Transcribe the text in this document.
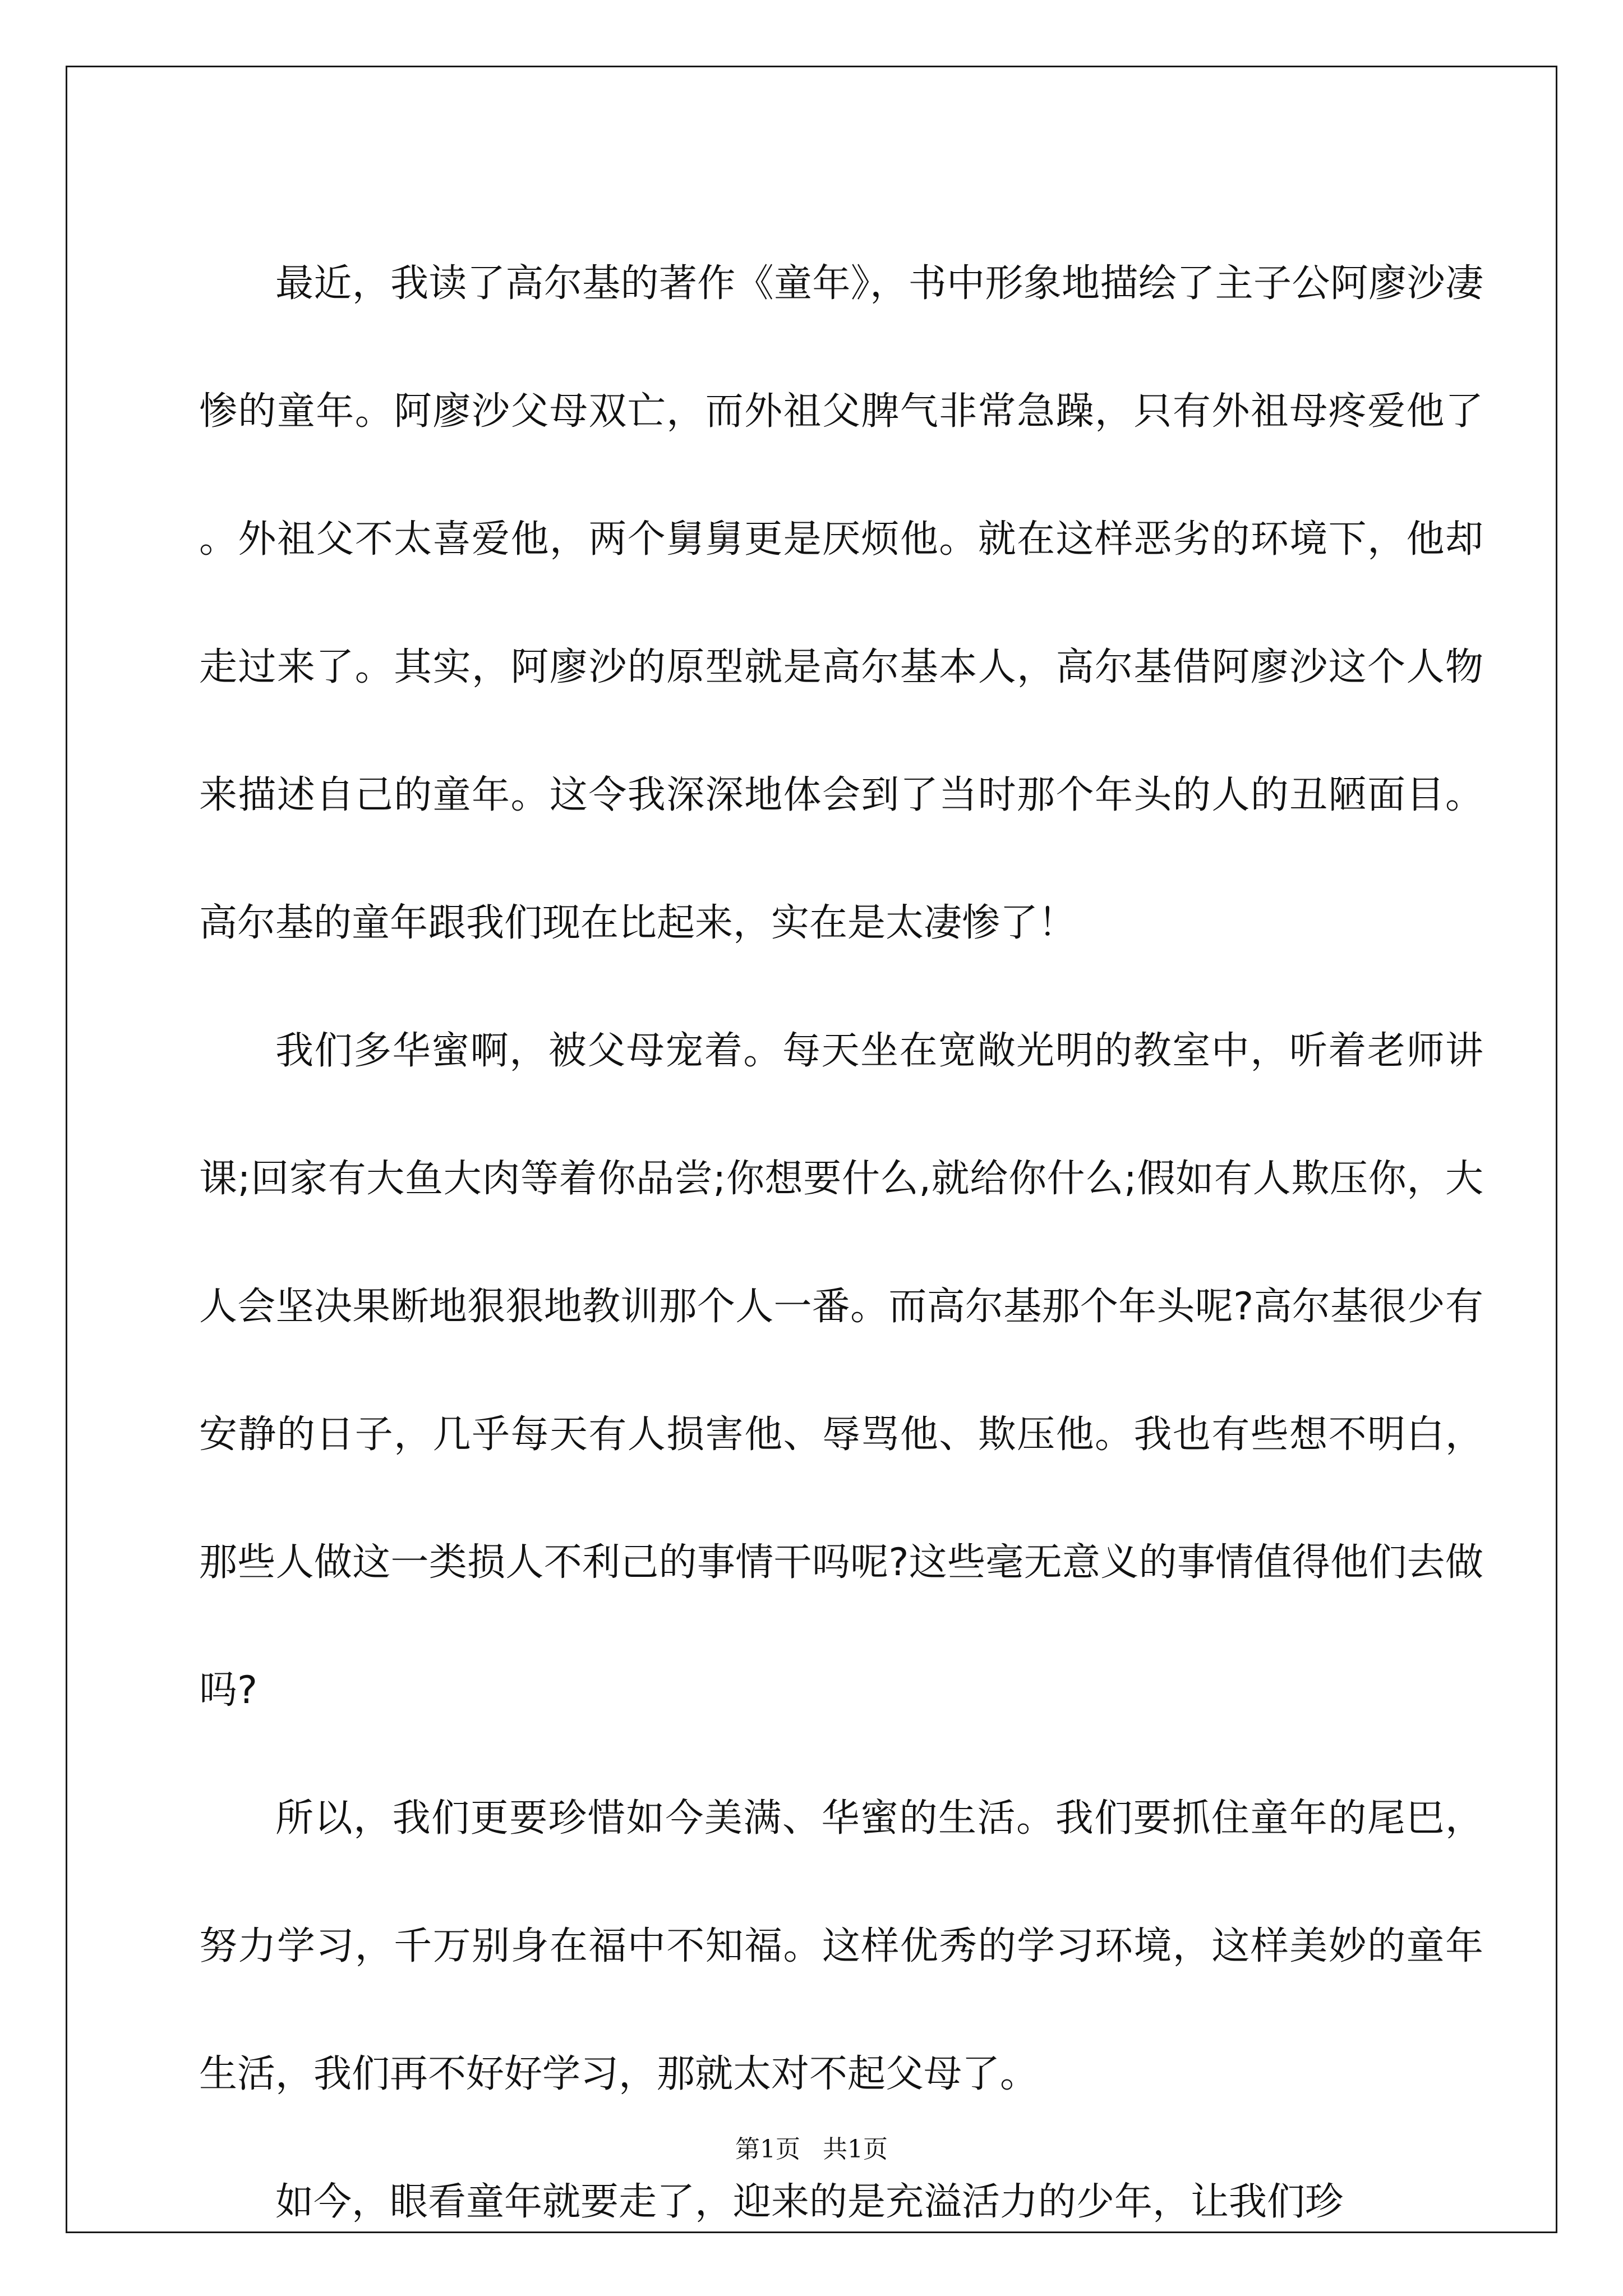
最近，我读了高尔基的著作《童年》，书中形象地描绘了主子公阿廖沙凄惨的童年。阿廖沙父母双亡，而外祖父脾气非常急躁，只有外祖母疼爱他了。外祖父不太喜爱他，两个舅舅更是厌烦他。就在这样恶劣的环境下，他却走过来了。其实，阿廖沙的原型就是高尔基本人，高尔基借阿廖沙这个人物来描述自己的童年。这令我深深地体会到了当时那个年头的人的丑陋面目。高尔基的童年跟我们现在比起来，实在是太凄惨了！

我们多华蜜啊，被父母宠着。每天坐在宽敞光明的教室中，听着老师讲课;回家有大鱼大肉等着你品尝;你想要什么,就给你什么;假如有人欺压你，大人会坚决果断地狠狠地教训那个人一番。而高尔基那个年头呢?高尔基很少有安静的日子，几乎每天有人损害他、辱骂他、欺压他。我也有些想不明白，那些人做这一类损人不利己的事情干吗呢?这些毫无意义的事情值得他们去做吗?

所以，我们更要珍惜如今美满、华蜜的生活。我们要抓住童年的尾巴，努力学习，千万别身在福中不知福。这样优秀的学习环境，这样美妙的童年生活，我们再不好好学习，那就太对不起父母了。

如今，眼看童年就要走了，迎来的是充溢活力的少年，让我们珍

第1页 共1页
